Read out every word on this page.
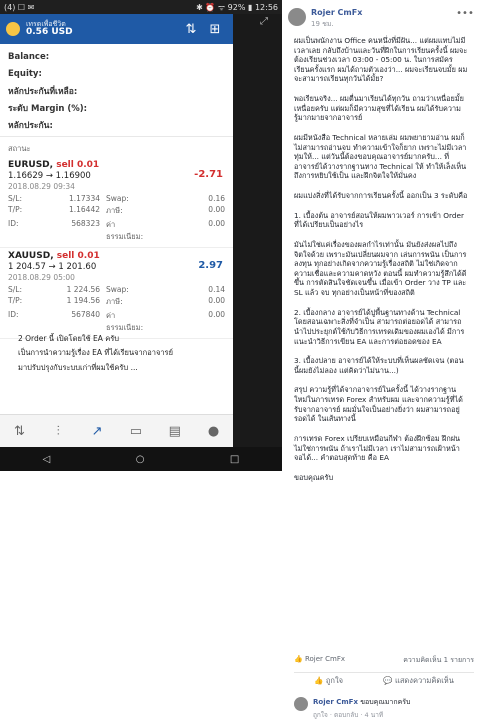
(4) ☐ ✉	✱ ⏰ ᯤ 92% ▮ 12:56
เทรดเพื่อชีวิต
0.56 USD	⇅	⊞
Balance:
Equity:
หลักประกันที่เหลือ:
ระดับ Margin (%):
หลักประกัน:
สถานะ
EURUSD, sell 0.01
1.16629 → 1.16900
2018.08.29 09:34
-2.71
S/L:	1.17334 Swap:	0.16
T/P:	1.16442 ภาษี:	0.00
ID:	568323 ค่าธรรมเนียม:
0.00
XAUUSD, sell 0.01
1 204.57 → 1 201.60
2018.08.29 05:00
2.97
S/L:	1 224.56 Swap:	0.14
T/P:	1 194.56 ภาษี:	0.00
ID:	567840 ค่าธรรมเนียม:
0.00
2 Order นี้ เปิดโดยใช้ EA ครับ
เป็นการนำความรู้เรื่อง EA ที่ได้เรียนจากอาจารย์
มาปรับปรุงกับระบบเก่าที่ผมใช้ครับ ...
⇅	⫶	↗	▭	▤	●
⤢
◁	○	□
Rojer CmFx
19 ชม.
•••

ผมเป็นพนักงาน Office คนหนึ่งที่มีฝัน... แต่ผมแทบไม่มีเวลาเลย กลับถึงบ้านและวันที่ฝึกในการเรียนครั้งนี้ ผมจะต้องเรียนช่วงเวลา 03:00 - 05:00 น. ในการสมัครเรียนครั้งแรก ผมได้ถามตัวเองว่า... ผมจะเรียนจบมั้ย ผมจะสามารถเรียนทุกวันได้มั้ย?

พอเรียนจริง... ผมตื่นมาเรียนได้ทุกวัน ถามว่าเหนื่อยมั้ย เหนื่อยครับ แต่ผมก็มีความสุขที่ได้เรียน ผมได้รับความรู้มากมายจากอาจารย์

ผมมีหนังสือ Technical หลายเล่ม ผมพยายามอ่าน ผมก็ไม่สามารถอ่านจบ ทำความเข้าใจก็ยาก เพราะไม่มีเวลาทุ่มให้... แต่วันนี้ต้องขอบคุณอาจารย์มากครับ... ที่อาจารย์ได้วางรากฐานทาง Technical ให้ ทำให้เล็งเห็นถึงการหยิบใช้เป็น และฝึกจิตใจให้มั่นคง

ผมแบ่งสิ่งที่ได้รับจากการเรียนครั้งนี้ ออกเป็น 3 ระดับคือ

1. เบื้องต้น อาจารย์สอนให้ผมพาวเวอร์ การเข้า Order ที่ได้เปรียบเป็นอย่างไร

มันไม่ใช่แค่เรื่องของผลกำไรเท่านั้น มันยังส่งผลไปถึงจิตใจด้วย เพราะมันเปลี่ยนผมจาก เล่นการพนัน เป็นการลงทุน ทุกอย่างเกิดจากความรู้เรื่องสถิติ ไม่ใช่เกิดจากความเชื่อและความคาดหวัง ตอนนี้ ผมทำความรู้สึกได้ดีขึ้น การตัดสินใจชัดเจนขึ้น เมื่อเข้า Order วาง TP และ SL แล้ว จบ ทุกอย่างเป็นหน้าที่ของสถิติ

2. เบื้องกลาง อาจารย์ได้ปูพื้นฐานทางด้าน Technical โดยสอนเฉพาะสิ่งที่จำเป็น สามารถต่อยอดได้ สามารถนำไปประยุกต์ใช้กับวิธีการเทรดเดิมของผมเองได้ มีการแนะนำวิธีการเขียน EA และการต่อยอดของ EA

3. เบื้องปลาย อาจารย์ได้ให้ระบบที่เห็นผลชัดเจน (ตอนนี้ผมยังไม่ลอง แต่คิดว่าไม่นาน...)

สรุป ความรู้ที่ได้จากอาจารย์ในครั้งนี้ ได้วางรากฐานใหม่ในการเทรด Forex สำหรับผม และจากความรู้ที่ได้รับจากอาจารย์ ผมมั่นใจเป็นอย่างยิ่งว่า ผมสามารถอยู่รอดได้ ในเส้นทางนี้

การเทรด Forex เปรียบเหมือนกีฬา ต้องฝึกซ้อม ฝึกฝน ไม่ใช่การพนัน ถ้าเราไม่มีเวลา เราไม่สามารถเฝ้าหน้าจอได้... คำตอบสุดท้าย คือ EA

ขอบคุณครับ

👍 Rojer CmFx	ความคิดเห็น 1 รายการ
👍 ถูกใจ	💬 แสดงความคิดเห็น
Rojer CmFx ขอบคุณมากครับ
ถูกใจ · ตอบกลับ · 4 นาที
